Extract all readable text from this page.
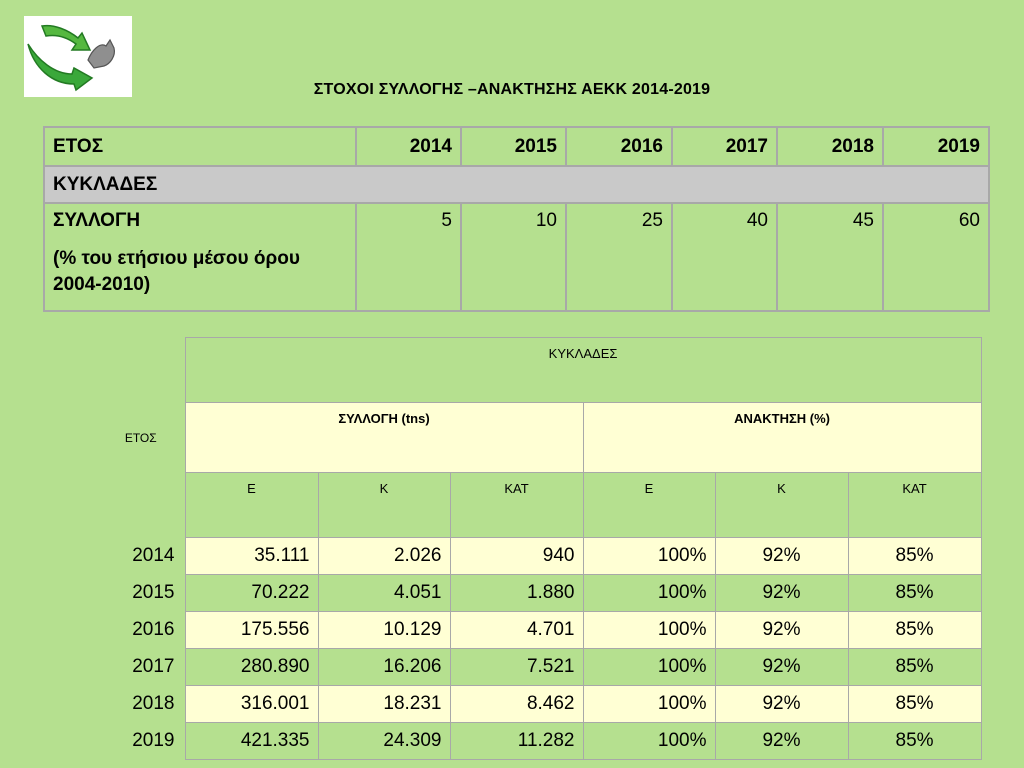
ΣΤΟΧΟΙ ΣΥΛΛΟΓΗΣ –ΑΝΑΚΤΗΣΗΣ ΑΕΚΚ 2014-2019
ΕΤΟΣ	2014	2015	2016	2017	2018	2019
ΚΥΚΛΑΔΕΣ						

ΣΥΛΛΟΓΗ
(% του ετήσιου μέσου όρου 2004-2010)	5	10	25	40	45	60
ΕΤΟΣ	ΚΥΚΛΑΔΕΣ					
	ΣΥΛΛΟΓΗ (tns)			ΑΝΑΚΤΗΣΗ (%)		
	Ε	Κ	ΚΑΤ	Ε	Κ	ΚΑΤ
2014	35.111	2.026	940	100%	92%	85%
2015	70.222	4.051	1.880	100%	92%	85%
2016	175.556	10.129	4.701	100%	92%	85%
2017	280.890	16.206	7.521	100%	92%	85%
2018	316.001	18.231	8.462	100%	92%	85%
2019	421.335	24.309	11.282	100%	92%	85%
